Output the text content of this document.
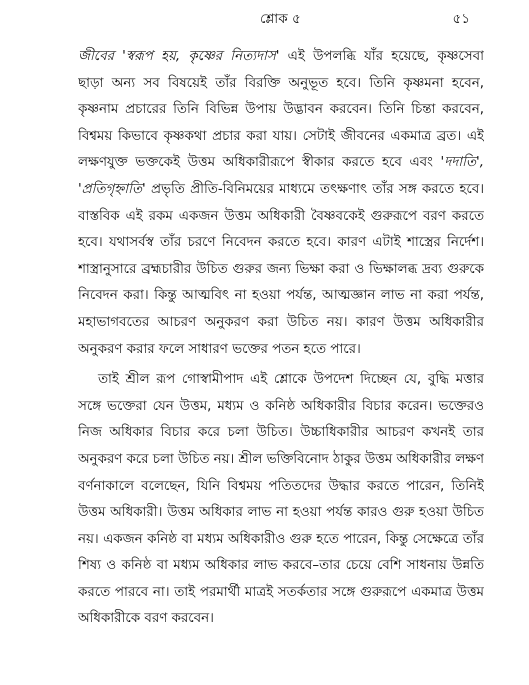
শ্লোক ৫	৫১
জীবের 'স্বরূপ হয়, কৃষ্ণের নিত্যদাস' এই উপলব্ধি যাঁর হয়েছে, কৃষ্ণসেবা
ছাড়া অন্য সব বিষয়েই তাঁর বিরক্তি অনুভূত হবে। তিনি কৃষ্ণমনা হবেন,
কৃষ্ণনাম প্রচারের তিনি বিভিন্ন উপায় উদ্ভাবন করবেন। তিনি চিন্তা করবেন,
বিশ্বময় কিভাবে কৃষ্ণকথা প্রচার করা যায়। সেটাই জীবনের একমাত্র ব্রত। এই
লক্ষণযুক্ত ভক্তকেই উত্তম অধিকারীরূপে স্বীকার করতে হবে এবং 'দদাতি',
'প্রতিগৃহ্নাতি' প্রভৃতি প্রীতি-বিনিময়ের মাধ্যমে তৎক্ষণাৎ তাঁর সঙ্গ করতে হবে।
বাস্তবিক এই রকম একজন উত্তম অধিকারী বৈষ্ণবকেই গুরুরূপে বরণ করতে
হবে। যথাসর্বস্ব তাঁর চরণে নিবেদন করতে হবে। কারণ এটাই শাস্ত্রের নির্দেশ।
শাস্ত্রানুসারে ব্রহ্মচারীর উচিত গুরুর জন্য ভিক্ষা করা ও ভিক্ষালব্ধ দ্রব্য গুরুকে
নিবেদন করা। কিন্তু আত্মবিৎ না হওয়া পর্যন্ত, আত্মজ্ঞান লাভ না করা পর্যন্ত,
মহাভাগবতের আচরণ অনুকরণ করা উচিত নয়। কারণ উত্তম অধিকারীর
অনুকরণ করার ফলে সাধারণ ভক্তের পতন হতে পারে।
তাই শ্রীল রূপ গোস্বামীপাদ এই শ্লোকে উপদেশ দিচ্ছেন যে, বুদ্ধি মত্তার
সঙ্গে ভক্তেরা যেন উত্তম, মধ্যম ও কনিষ্ঠ অধিকারীর বিচার করেন। ভক্তেরও
নিজ অধিকার বিচার করে চলা উচিত। উচ্চাধিকারীর আচরণ কখনই তার
অনুকরণ করে চলা উচিত নয়। শ্রীল ভক্তিবিনোদ ঠাকুর উত্তম অধিকারীর লক্ষণ
বর্ণনাকালে বলেছেন, যিনি বিশ্বময় পতিতদের উদ্ধার করতে পারেন, তিনিই
উত্তম অধিকারী। উত্তম অধিকার লাভ না হওয়া পর্যন্ত কারও গুরু হওয়া উচিত
নয়। একজন কনিষ্ঠ বা মধ্যম অধিকারীও গুরু হতে পারেন, কিন্তু সেক্ষেত্রে তাঁর
শিষ্য ও কনিষ্ঠ বা মধ্যম অধিকার লাভ করবে–তার চেয়ে বেশি সাধনায় উন্নতি
করতে পারবে না। তাই পরমার্থী মাত্রই সতর্কতার সঙ্গে গুরুরূপে একমাত্র উত্তম
অধিকারীকে বরণ করবেন।
